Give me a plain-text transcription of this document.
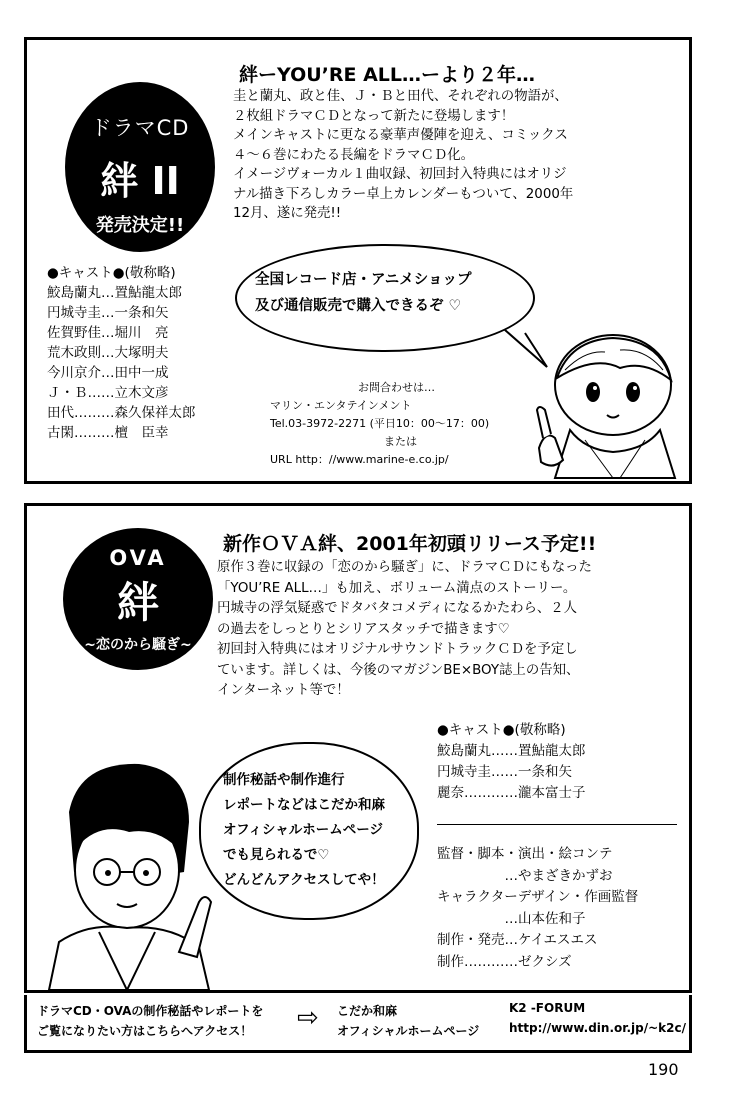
ドラマCD
絆 II
発売決定!!
絆ーYOU’RE ALL…ーより２年…
圭と蘭丸、政と佳、Ｊ・Ｂと田代、それぞれの物語が、
２枚組ドラマＣＤとなって新たに登場します！
メインキャストに更なる豪華声優陣を迎え、コミックス
４～６巻にわたる長編をドラマＣＤ化。
イメージヴォーカル１曲収録、初回封入特典にはオリジ
ナル描き下ろしカラー卓上カレンダーもついて、2000年
12月、遂に発売!!
●キャスト●(敬称略)
鮫島蘭丸…置鮎龍太郎
円城寺圭…一条和矢
佐賀野佳…堀川　亮
荒木政則…大塚明夫
今川京介…田中一成
Ｊ・Ｂ……立木文彦
田代………森久保祥太郎
古閑………檀　臣幸
全国レコード店・アニメショップ
及び通信販売で購入できるぞ ♡
お問合わせは…
マリン・エンタテインメント
Tel.03-3972-2271 (平日10：00～17：00)
または
URL http：//www.marine-e.co.jp/
OVA
絆
~恋のから騒ぎ~
新作ＯＶＡ絆、2001年初頭リリース予定!!
原作３巻に収録の「恋のから騒ぎ」に、ドラマＣＤにもなった
「YOU’RE ALL…」も加え、ボリューム満点のストーリー。
円城寺の浮気疑惑でドタバタコメディになるかたわら、２人
の過去をしっとりとシリアスタッチで描きます♡
初回封入特典にはオリジナルサウンドトラックＣＤを予定し
ています。詳しくは、今後のマガジンBE×BOY誌上の告知、
インターネット等で！
●キャスト●(敬称略)
鮫島蘭丸……置鮎龍太郎
円城寺圭……一条和矢
麗奈…………瀧本富士子
監督・脚本・演出・絵コンテ
　　　　　…やまざきかずお
キャラクターデザイン・作画監督
　　　　　…山本佐和子
制作・発売…ケイエスエス
制作…………ゼクシズ
制作秘話や制作進行
レポートなどはこだか和麻
オフィシャルホームページ
でも見られるで♡
どんどんアクセスしてや！
ドラマCD・OVAの制作秘話やレポートを
ご覧になりたい方はこちらへアクセス！	⇨ こだか和麻
オフィシャルホームページ
K2 -FORUM
http://www.din.or.jp/~k2c/
190
